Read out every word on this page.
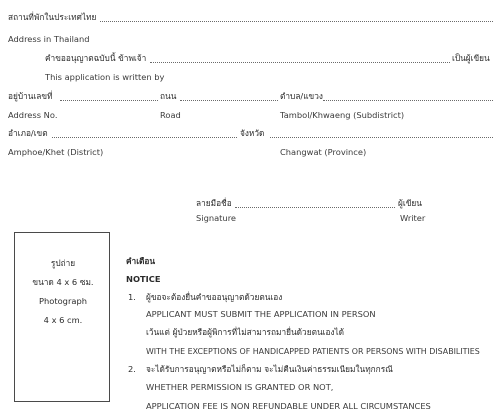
สถานที่พักในประเทศไทย
Address in Thailand
คำขออนุญาตฉบับนี้ ข้าพเจ้า	เป็นผู้เขียน
This application is written by
อยู่บ้านเลขที่	ถนน	ตำบล/แขวง
Address No.	Road	Tambol/Khwaeng (Subdistrict)
อำเภอ/เขต	จังหวัด
Amphoe/Khet (District)	Changwat (Province)
ลายมือชื่อ	ผู้เขียน
Signature	Writer
รูปถ่าย
ขนาด 4 x 6 ซม.
Photograph
4 x 6 cm.
คำเตือน
NOTICE
1. ผู้ขอจะต้องยื่นคำขออนุญาตด้วยตนเอง
APPLICANT MUST SUBMIT THE APPLICATION IN PERSON
เว้นแต่ ผู้ป่วยหรือผู้พิการที่ไม่สามารถมายื่นด้วยตนเองได้
WITH THE EXCEPTIONS OF HANDICAPPED PATIENTS OR PERSONS WITH DISABILITIES
2. จะได้รับการอนุญาตหรือไม่ก็ตาม จะไม่คืนเงินค่าธรรมเนียมในทุกกรณี
WHETHER PERMISSION IS GRANTED OR NOT,
APPLICATION FEE IS NON REFUNDABLE UNDER ALL CIRCUMSTANCES
